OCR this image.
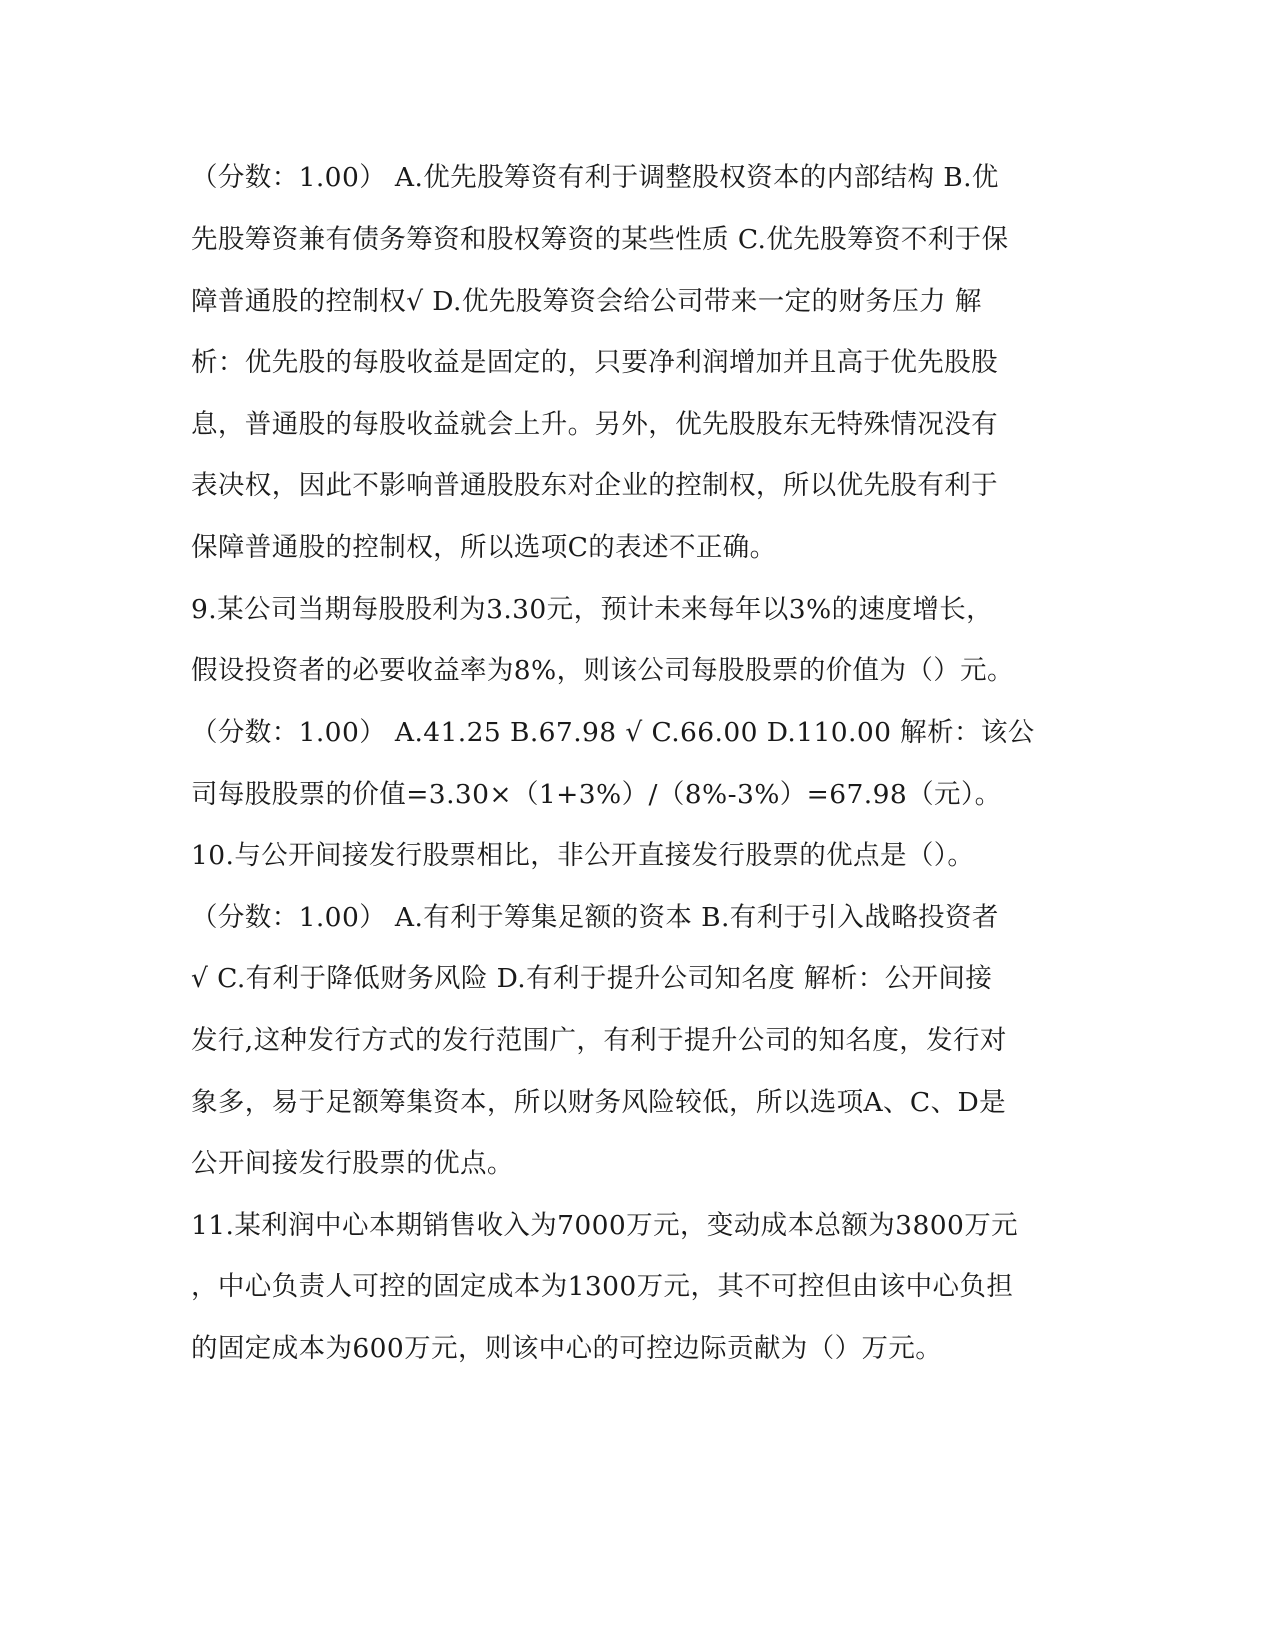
（分数：1.00） A.优先股筹资有利于调整股权资本的内部结构 B.优
先股筹资兼有债务筹资和股权筹资的某些性质 C.优先股筹资不利于保
障普通股的控制权√ D.优先股筹资会给公司带来一定的财务压力 解
析：优先股的每股收益是固定的，只要净利润增加并且高于优先股股
息，普通股的每股收益就会上升。另外，优先股股东无特殊情况没有
表决权，因此不影响普通股股东对企业的控制权，所以优先股有利于
保障普通股的控制权，所以选项C的表述不正确。
9.某公司当期每股股利为3.30元，预计未来每年以3%的速度增长，
假设投资者的必要收益率为8%，则该公司每股股票的价值为（）元。
（分数：1.00） A.41.25 B.67.98 √ C.66.00 D.110.00 解析：该公
司每股股票的价值=3.30×（1+3%）/（8%-3%）=67.98（元）。
10.与公开间接发行股票相比，非公开直接发行股票的优点是（）。
（分数：1.00） A.有利于筹集足额的资本 B.有利于引入战略投资者
√ C.有利于降低财务风险 D.有利于提升公司知名度 解析：公开间接
发行,这种发行方式的发行范围广，有利于提升公司的知名度，发行对
象多，易于足额筹集资本，所以财务风险较低，所以选项A、C、D是
公开间接发行股票的优点。
11.某利润中心本期销售收入为7000万元，变动成本总额为3800万元
，中心负责人可控的固定成本为1300万元，其不可控但由该中心负担
的固定成本为600万元，则该中心的可控边际贡献为（）万元。
